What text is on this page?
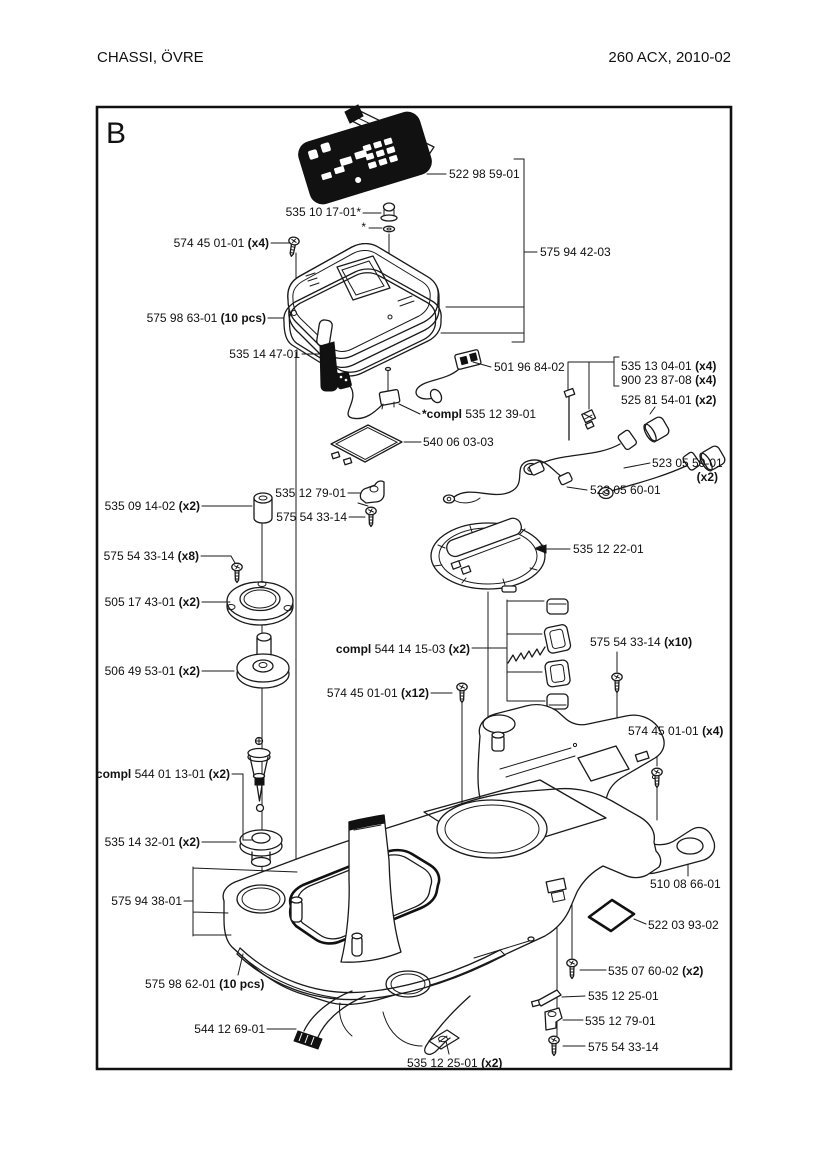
CHASSI, ÖVRE	260 ACX, 2010-02
B
522 98 59-01
535 10 17-01*
*
574 45 01-01 (x4)
575 94 42-03
575 98 63-01 (10 pcs)
535 14 47-01
501 96 84-02	535 13 04-01 (x4)
900 23 87-08 (x4)
525 81 54-01 (x2)
*compl 535 12 39-01
540 06 03-03
523 05 59-01
(x2)
523 05 60-01
535 12 79-01
535 09 14-02 (x2)
575 54 33-14
575 54 33-14 (x8)
505 17 43-01 (x2)
506 49 53-01 (x2)
535 12 22-01
compl 544 14 15-03 (x2)	575 54 33-14 (x10)
574 45 01-01 (x12)
574 45 01-01 (x4)
compl 544 01 13-01 (x2)
535 14 32-01 (x2)
510 08 66-01
575 94 38-01
522 03 93-02
535 07 60-02 (x2)
575 98 62-01 (10 pcs)
535 12 25-01
535 12 79-01
544 12 69-01
575 54 33-14
535 12 25-01 (x2)
